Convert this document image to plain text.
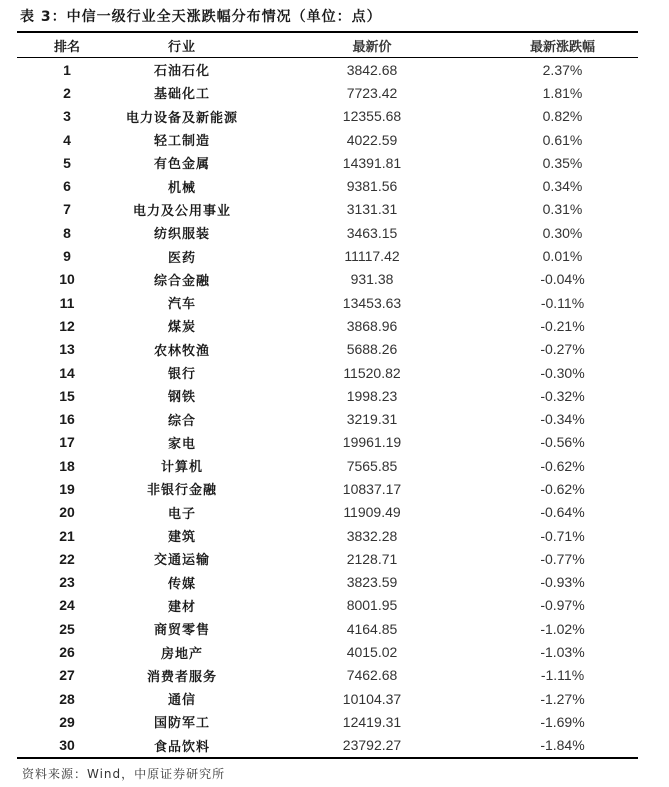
表 3：中信一级行业全天涨跌幅分布情况（单位：点）
排名	行业	最新价	最新涨跌幅
1	石油石化	3842.68	2.37%
2	基础化工	7723.42	1.81%
3	电力设备及新能源	12355.68	0.82%
4	轻工制造	4022.59	0.61%
5	有色金属	14391.81	0.35%
6	机械	9381.56	0.34%
7	电力及公用事业	3131.31	0.31%
8	纺织服装	3463.15	0.30%
9	医药	11117.42	0.01%
10	综合金融	931.38	-0.04%
11	汽车	13453.63	-0.11%
12	煤炭	3868.96	-0.21%
13	农林牧渔	5688.26	-0.27%
14	银行	11520.82	-0.30%
15	钢铁	1998.23	-0.32%
16	综合	3219.31	-0.34%
17	家电	19961.19	-0.56%
18	计算机	7565.85	-0.62%
19	非银行金融	10837.17	-0.62%
20	电子	11909.49	-0.64%
21	建筑	3832.28	-0.71%
22	交通运输	2128.71	-0.77%
23	传媒	3823.59	-0.93%
24	建材	8001.95	-0.97%
25	商贸零售	4164.85	-1.02%
26	房地产	4015.02	-1.03%
27	消费者服务	7462.68	-1.11%
28	通信	10104.37	-1.27%
29	国防军工	12419.31	-1.69%
30	食品饮料	23792.27	-1.84%
资料来源：Wind，中原证券研究所
